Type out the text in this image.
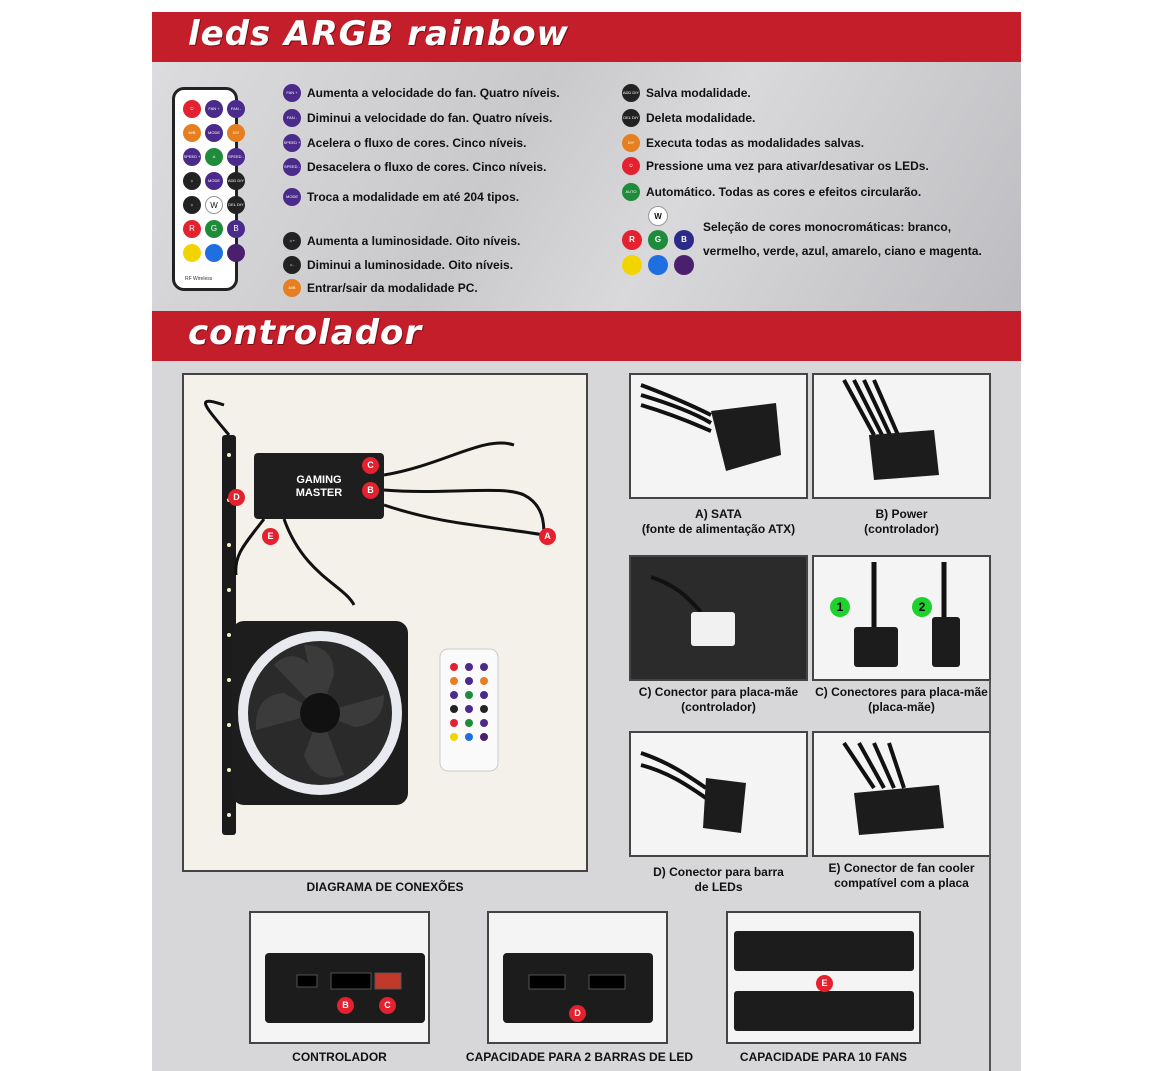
leds ARGB rainbow
⏻	FAN +	FAN -
M/B	MODE	DIY
SPEED +	A	SPEED -
☼	MODE	ADD DIY
☼	W	DEL DIY
R	G	B
RF Wireless
FAN + Aumenta a velocidade do fan. Quatro níveis.
FAN - Diminui a velocidade do fan. Quatro níveis.
SPEED + Acelera o fluxo de cores. Cinco níveis.
SPEED - Desacelera o fluxo de cores. Cinco níveis.
MODE Troca a modalidade em até 204 tipos.
☼+	Aumenta a luminosidade. Oito níveis.
☼-	Diminui a luminosidade. Oito níveis.
M/B Entrar/sair da modalidade PC.
ADD DIY Salva modalidade.
DEL DIY Deleta modalidade.
DIY Executa todas as modalidades salvas.
⏻	Pressione uma vez para ativar/desativar os LEDs.
AUTO Automático. Todas as cores e efeitos circularão.
W
R	G	B
Seleção de cores monocromáticas: branco,
vermelho, verde, azul, amarelo, ciano e magenta.
controlador
GAMING
MASTER
C
B
D
E	A
DIAGRAMA DE CONEXÕES
A) SATA
(fonte de alimentação ATX)
B) Power
(controlador)
C) Conector para placa-mãe
(controlador)
1	2
C) Conectores para placa-mãe
(placa-mãe)
D) Conector para barra
de LEDs
E) Conector de fan cooler
compatível com a placa
B	C
CONTROLADOR
D
CAPACIDADE PARA 2 BARRAS DE LED
E
CAPACIDADE PARA 10 FANS
